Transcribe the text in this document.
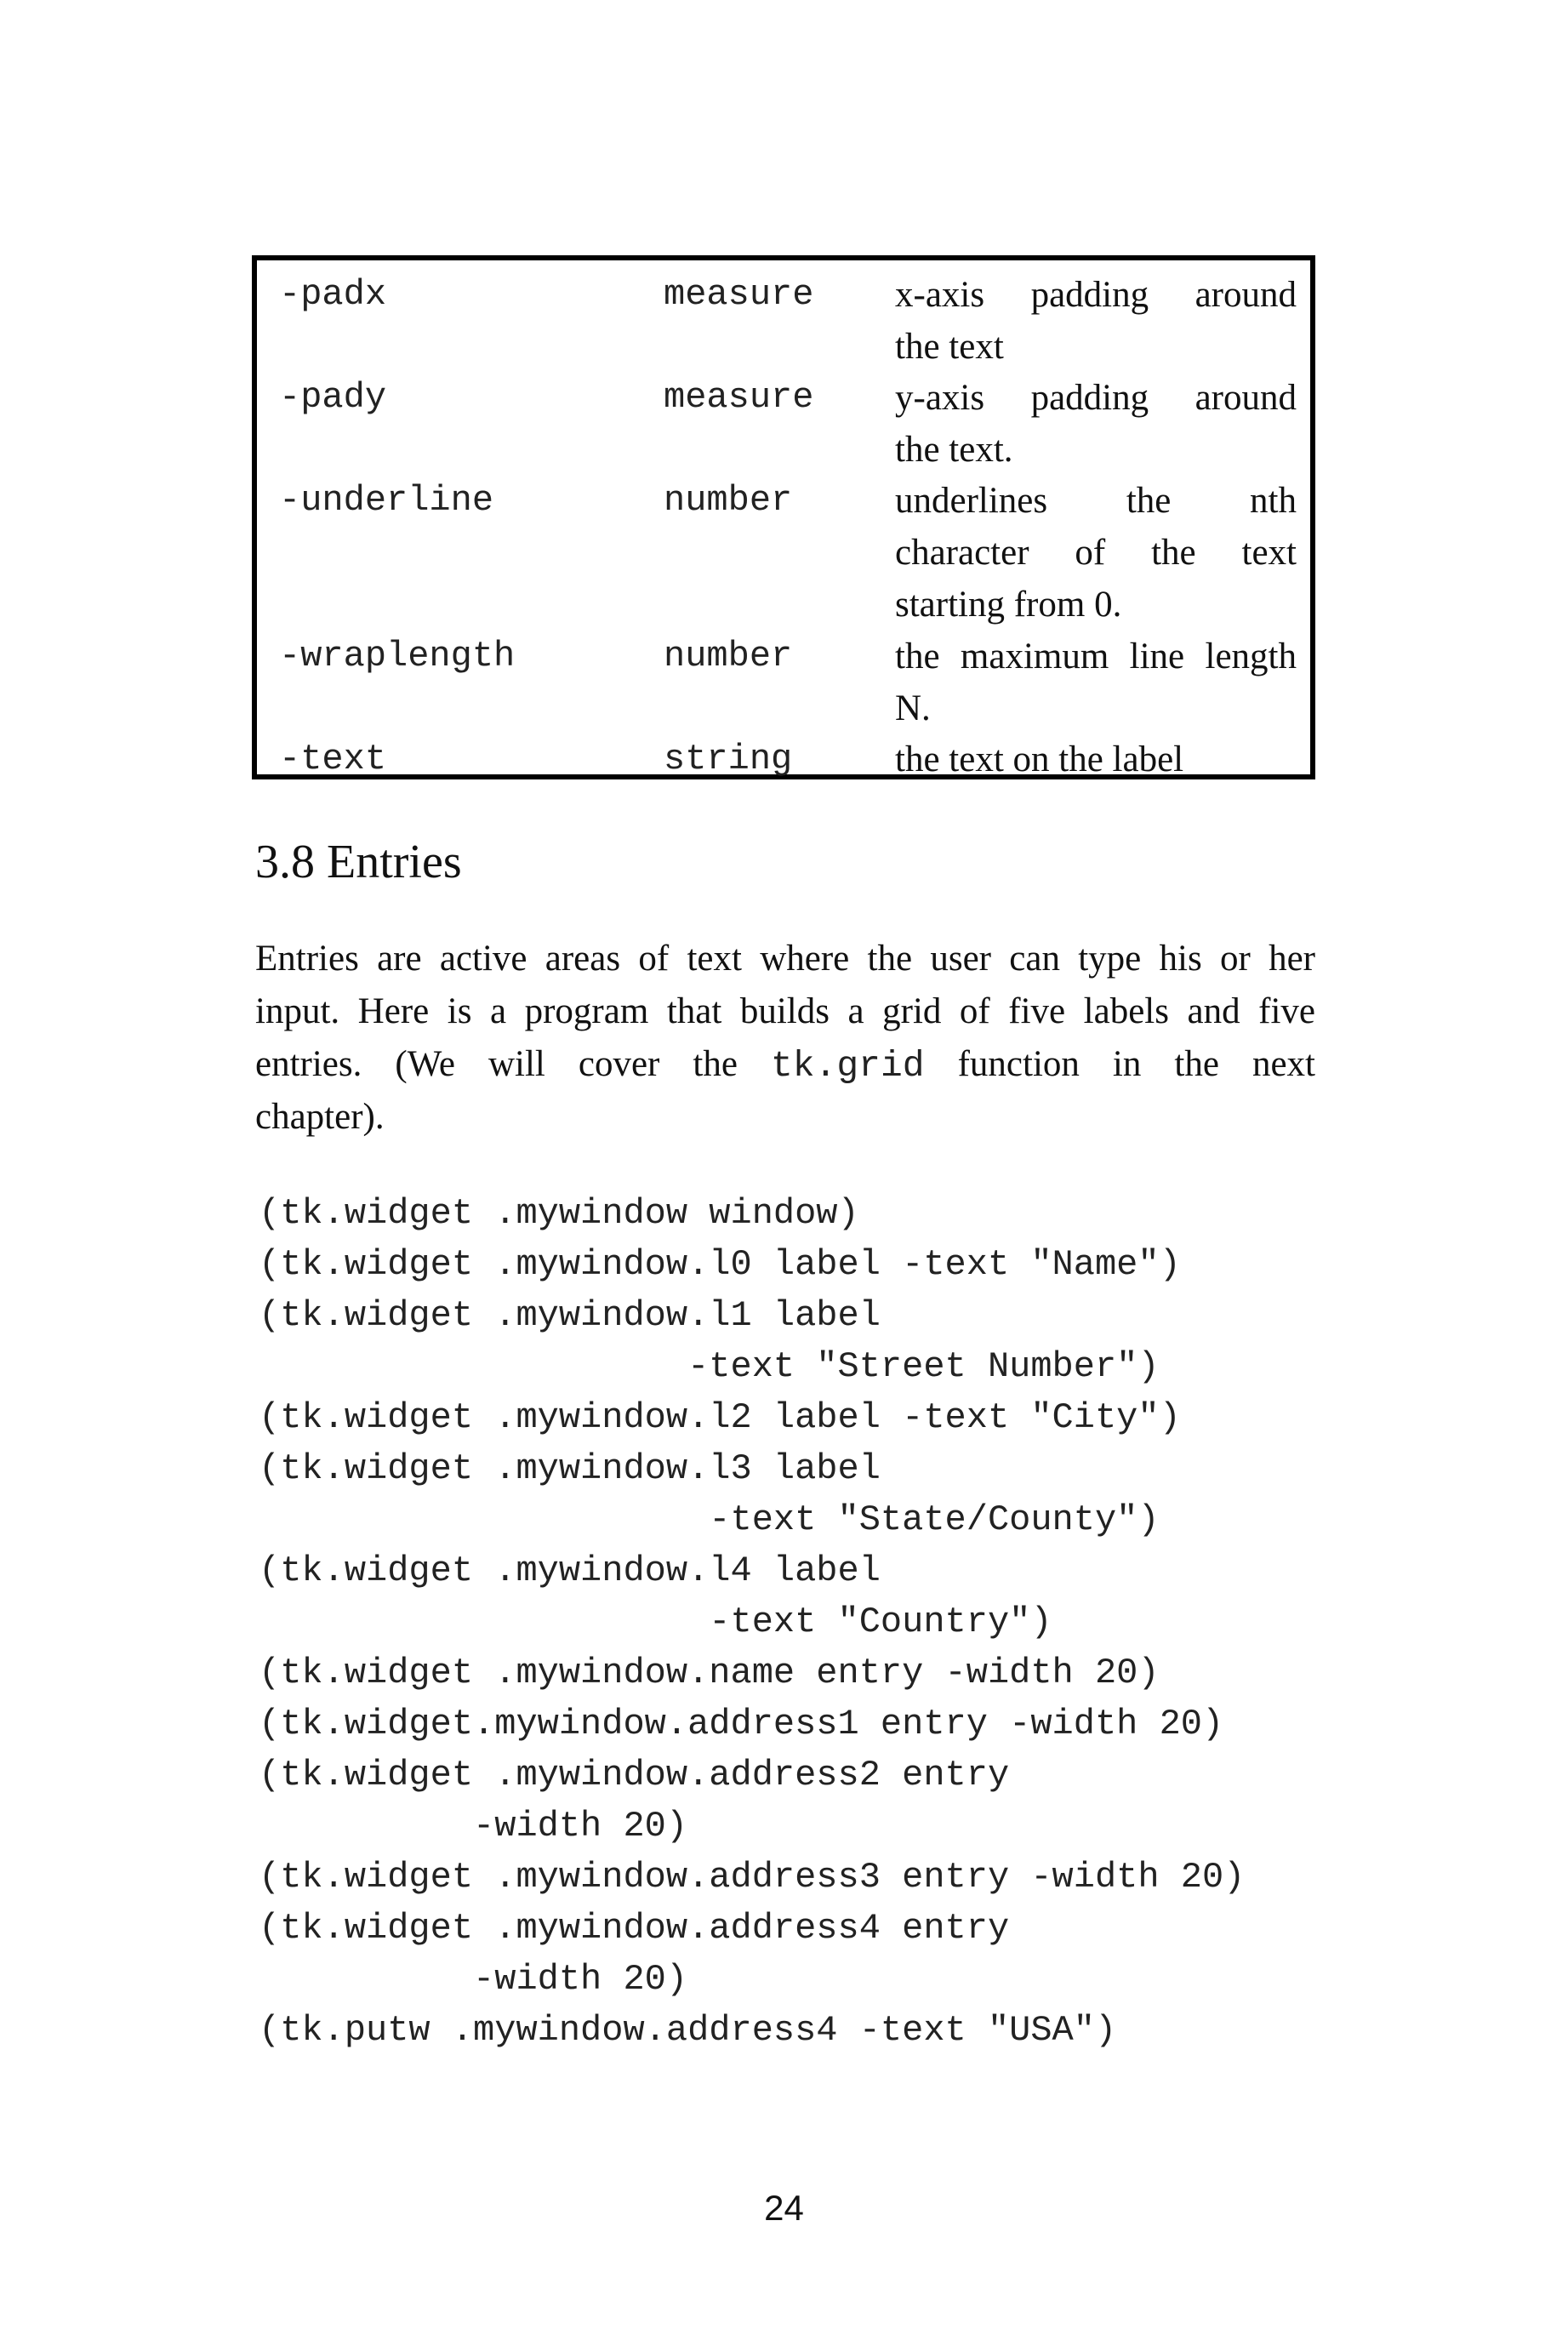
-padx	measure x-axis padding around
the text
-pady	measure y-axis padding around
the text.
-underline	number	underlines the nth
character of the text
starting from 0.
-wraplength	number	the maximum line length
N.
-text	string	the text on the label
3.8 Entries
Entries are active areas of text where the user can type his or her
input. Here is a program that builds a grid of five labels and five
entries. (We will cover the tk.grid function in the next
chapter).
(tk.widget .mywindow window)
(tk.widget .mywindow.l0 label -text "Name")
(tk.widget .mywindow.l1 label
-text "Street Number")
(tk.widget .mywindow.l2 label -text "City")
(tk.widget .mywindow.l3 label
-text "State/County")
(tk.widget .mywindow.l4 label
-text "Country")
(tk.widget .mywindow.name entry -width 20)
(tk.widget.mywindow.address1 entry -width 20)
(tk.widget .mywindow.address2 entry
-width 20)
(tk.widget .mywindow.address3 entry -width 20)
(tk.widget .mywindow.address4 entry
-width 20)
(tk.putw .mywindow.address4 -text "USA")
24
